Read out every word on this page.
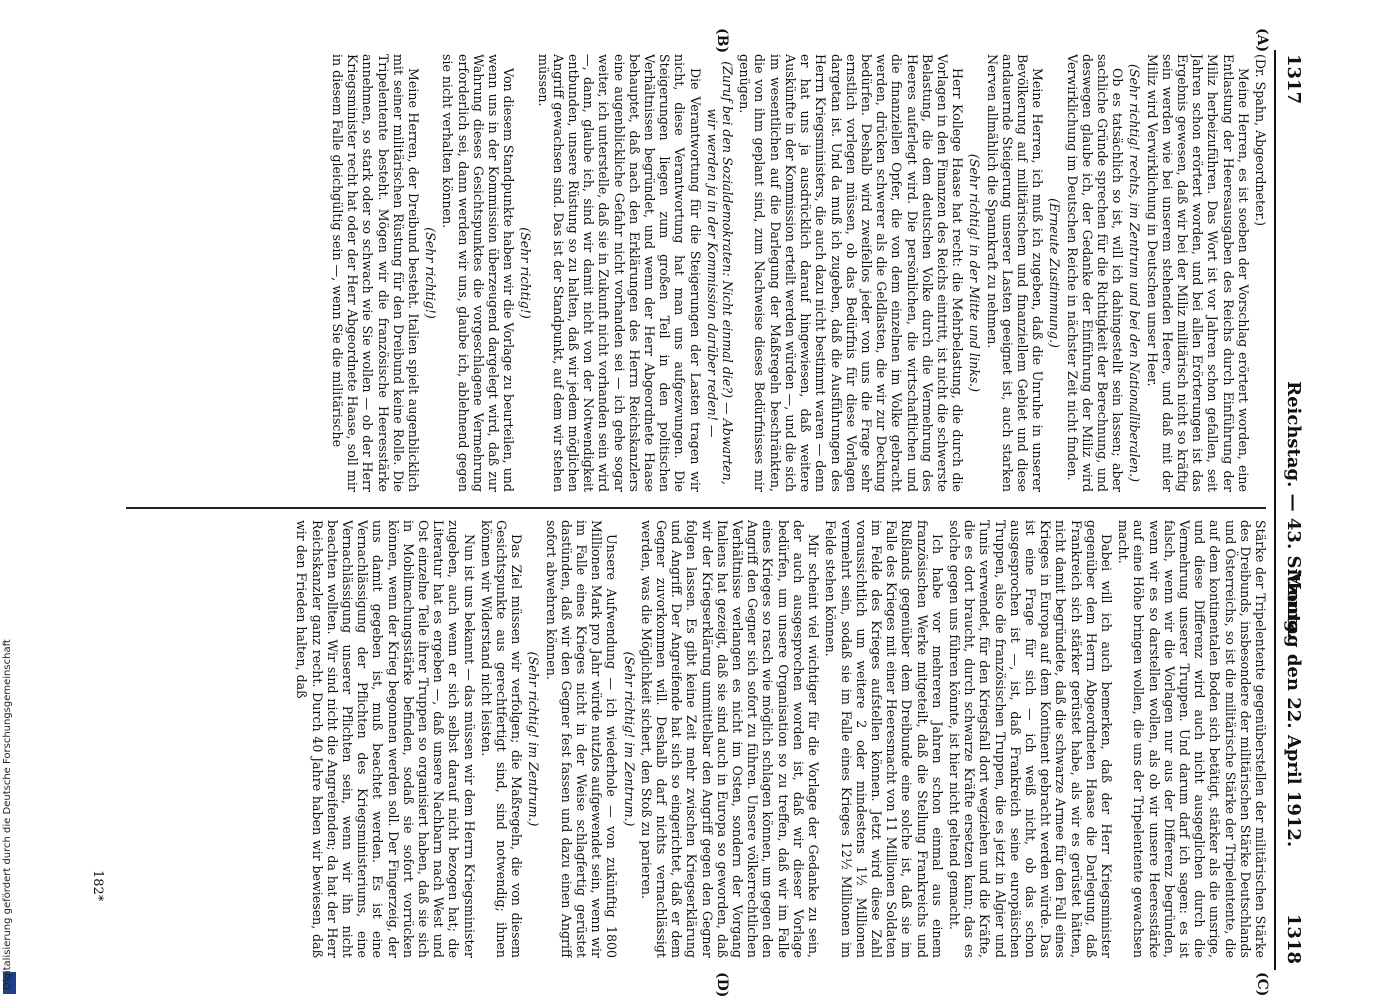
Digitalisierung gefördert durch die Deutsche Forschungsgemeinschaft
1317
Reichstag. — 43. Sitzung.
Montag den 22. April 1912.
1318
(A)
(B)
(C)
(D)

(Dr. Spahn, Abgeordneter.)

Meine Herren, es ist soeben der Vorschlag erörtert worden, eine Entlastung der Heeresausgaben des Reichs durch Einführung der Miliz herbeizuführen. Das Wort ist vor Jahren schon gefallen, seit Jahren schon erörtert worden, und bei allen Erörterungen ist das Ergebnis gewesen, daß wir bei der Miliz militärisch nicht so kräftig sein werden wie bei unserem stehenden Heere, und daß mit der Miliz wird Verwirklichung in Deutschen unser Heer.

(Sehr richtig! rechts, im Zentrum und bei den Nationalliberalen.)

Ob es tatsächlich so ist, will ich dahingestellt sein lassen; aber sachliche Gründe sprechen für die Richtigkeit der Berechnung, und deswegen glaube ich, der Gedanke der Einführung der Miliz wird Verwirklichung im Deutschen Reiche in nächster Zeit nicht finden.

(Erneute Zustimmung.)

Meine Herren, ich muß ich zugeben, daß die Unruhe in unserer Bevölkerung auf militärischem und finanziellem Gebiet und diese andauernde Steigerung unserer Lasten geeignet ist, auch starken Nerven allmählich die Spannkraft zu nehmen.

(Sehr richtig! in der Mitte und links.)

Herr Kollege Haase hat recht: die Mehrbelastung, die durch die Vorlagen in den Finanzen des Reichs eintritt, ist nicht die schwerste Belastung, die dem deutschen Volke durch die Vermehrung des Heeres auferlegt wird. Die persönlichen, die wirtschaftlichen und die finanziellen Opfer, die von dem einzelnen im Volke gebracht werden, drücken schwerer als die Geldlasten, die wir zur Deckung bedürfen. Deshalb wird zweifellos jeder von uns die Frage sehr ernstlich vorlegen müssen, ob das Bedürfnis für diese Vorlagen dargetan ist. Und da muß ich zugeben, daß die Ausführungen des Herrn Kriegsministers, die auch dazu nicht bestimmt waren — denn er hat uns ja ausdrücklich darauf hingewiesen, daß weitere Auskünfte in der Kommission erteilt werden würden —, und die sich im wesentlichen auf die Darlegung der Maßregeln beschränkten, die von ihm geplant sind, zum Nachweise dieses Bedürfnisses mir genügen.

(Zuruf bei den Sozialdemokraten: Nicht einmal die?) — Abwarten, wir werden ja in der Kommission darüber reden! —

Die Verantwortung für die Steigerungen der Lasten tragen wir nicht, diese Verantwortung hat man uns aufgezwungen. Die Steigerungen liegen zum großen Teil in den politischen Verhältnissen begründet, und wenn der Herr Abgeordnete Haase behauptet, daß nach den Erklärungen des Herrn Reichskanzlers eine augenblickliche Gefahr nicht vorhanden sei — ich gehe sogar weiter, ich unterstelle, daß sie in Zukunft nicht vorhanden sein wird —, dann, glaube ich, sind wir damit nicht von der Notwendigkeit entbunden, unsere Rüstung so zu halten, daß wir jedem möglichen Angriff gewachsen sind. Das ist der Standpunkt, auf dem wir stehen müssen.

(Sehr richtig!)

Von diesem Standpunkte haben wir die Vorlage zu beurteilen, und wenn uns in der Kommission überzeugend dargelegt wird, daß zur Wahrung dieses Gesichtspunktes die vorgeschlagene Vermehrung erforderlich sei, dann werden wir uns, glaube ich, ablehnend gegen sie nicht verhalten können.

(Sehr richtig!)

Meine Herren, der Dreibund besteht. Italien spielt augenblicklich mit seiner militärischen Rüstung für den Dreibund keine Rolle. Die Tripelentente besteht. Mögen wir die französische Heeresstärke annehmen, so stark oder so schwach wie Sie wollen — ob der Herr Kriegsminister recht hat oder der Herr Abgeordnete Haase, soll mir in diesem Falle gleichgültig sein —, wenn Sie die militärische

Stärke der Tripelentente gegenüberstellen der militärischen Stärke des Dreibunds, insbesondere der militärischen Stärke Deutschlands und Österreichs, so ist die militärische Stärke der Tripelentente, die auf dem kontinentalen Boden sich betätigt, stärker als die unsrige, und diese Differenz wird auch nicht ausgeglichen durch die Vermehrung unserer Truppen. Und darum darf ich sagen: es ist falsch, wenn wir die Vorlagen nur aus der Differenz begründen, wenn wir es so darstellen wollen, als ob wir unsere Heeresstärke auf eine Höhe bringen wollen, die uns der Tripelentente gewachsen macht.

Dabei will ich auch bemerken, daß der Herr Kriegsminister gegenüber dem Herrn Abgeordneten Haase die Darlegung, daß Frankreich sich stärker gerüstet habe, als wir es gerüstet hätten, nicht damit begründete, daß die schwarze Armee für den Fall eines Krieges in Europa auf dem Kontinent gebracht werden würde. Das ist eine Frage für sich — ich weiß nicht, ob das schon ausgesprochen ist —, ist, daß Frankreich seine europäischen Truppen, also die französischen Truppen, die es jetzt in Algier und Tunis verwendet, für den Kriegsfall dort wegziehen und die Kräfte, die es dort braucht, durch schwarze Kräfte ersetzen kann; das es solche gegen uns führen könnte, ist hier nicht geltend gemacht.

Ich habe vor mehreren Jahren schon einmal aus einem französischen Werke mitgeteilt, daß die Stellung Frankreichs und Rußlands gegenüber dem Dreibunde eine solche ist, daß sie im Falle des Krieges mit einer Heeresmacht von 11 Millionen Soldaten im Felde des Krieges aufstellen können. Jetzt wird diese Zahl voraussichtlich um weitere 2 oder mindestens 1½ Millionen vermehrt sein, sodaß sie im Falle eines Krieges 12½ Millionen im Felde stehen können.

Mir scheint viel wichtiger für die Vorlage der Gedanke zu sein, der auch ausgesprochen worden ist, daß wir dieser Vorlage bedürfen, um unsere Organisation so zu treffen, daß wir im Falle eines Krieges so rasch wie möglich schlagen können, um gegen den Angriff den Gegner sich sofort zu führen. Unsere völkerrechtlichen Verhältnisse verlangen es nicht im Osten, sondern der Vorgang Italiens hat gezeigt, daß sie sind auch in Europa so geworden, daß wir der Kriegserklärung unmittelbar den Angriff gegen den Gegner folgen lassen. Es gibt keine Zeit mehr zwischen Kriegserklärung und Angriff. Der Angreifende hat sich so eingerichtet, daß er dem Gegner zuvorkommen will. Deshalb darf nichts vernachlässigt werden, was die Möglichkeit sichert, den Stoß zu parieren.

(Sehr richtig! im Zentrum.)

Unsere Aufwendung — ich wiederhole — von zukünftig 1800 Millionen Mark pro Jahr würde nutzlos aufgewendet sein, wenn wir im Falle eines Krieges nicht in der Weise schlagfertig gerüstet dastünden, daß wir den Gegner fest fassen und dazu einen Angriff sofort abwehren können.

(Sehr richtig! im Zentrum.)

Das Ziel müssen wir verfolgen; die Maßregeln, die von diesem Gesichtspunkte aus gerechtfertigt sind, sind notwendig; ihnen können wir Widerstand nicht leisten.

Nun ist uns bekannt — das müssen wir dem Herrn Kriegsminister zugeben, auch wenn er sich selbst darauf nicht bezogen hat; die Literatur hat es ergeben —, daß unsere Nachbarn nach West und Ost einzelne Teile ihrer Truppen so organisiert haben, daß sie sich in Mobilmachungsstärke befinden, sodaß sie sofort vorrücken können, wenn der Krieg begonnen werden soll. Der Fingerzeig, der uns damit gegeben ist, muß beachtet werden. Es ist eine Vernachlässigung der Pflichten des Kriegsministeriums, eine Vernachlässigung unserer Pflichten sein, wenn wir ihn nicht beachten wollten. Wir sind nicht die Angreifenden; da hat der Herr Reichskanzler ganz recht. Durch 40 Jahre haben wir bewiesen, daß wir den Frieden halten, daß

182*
